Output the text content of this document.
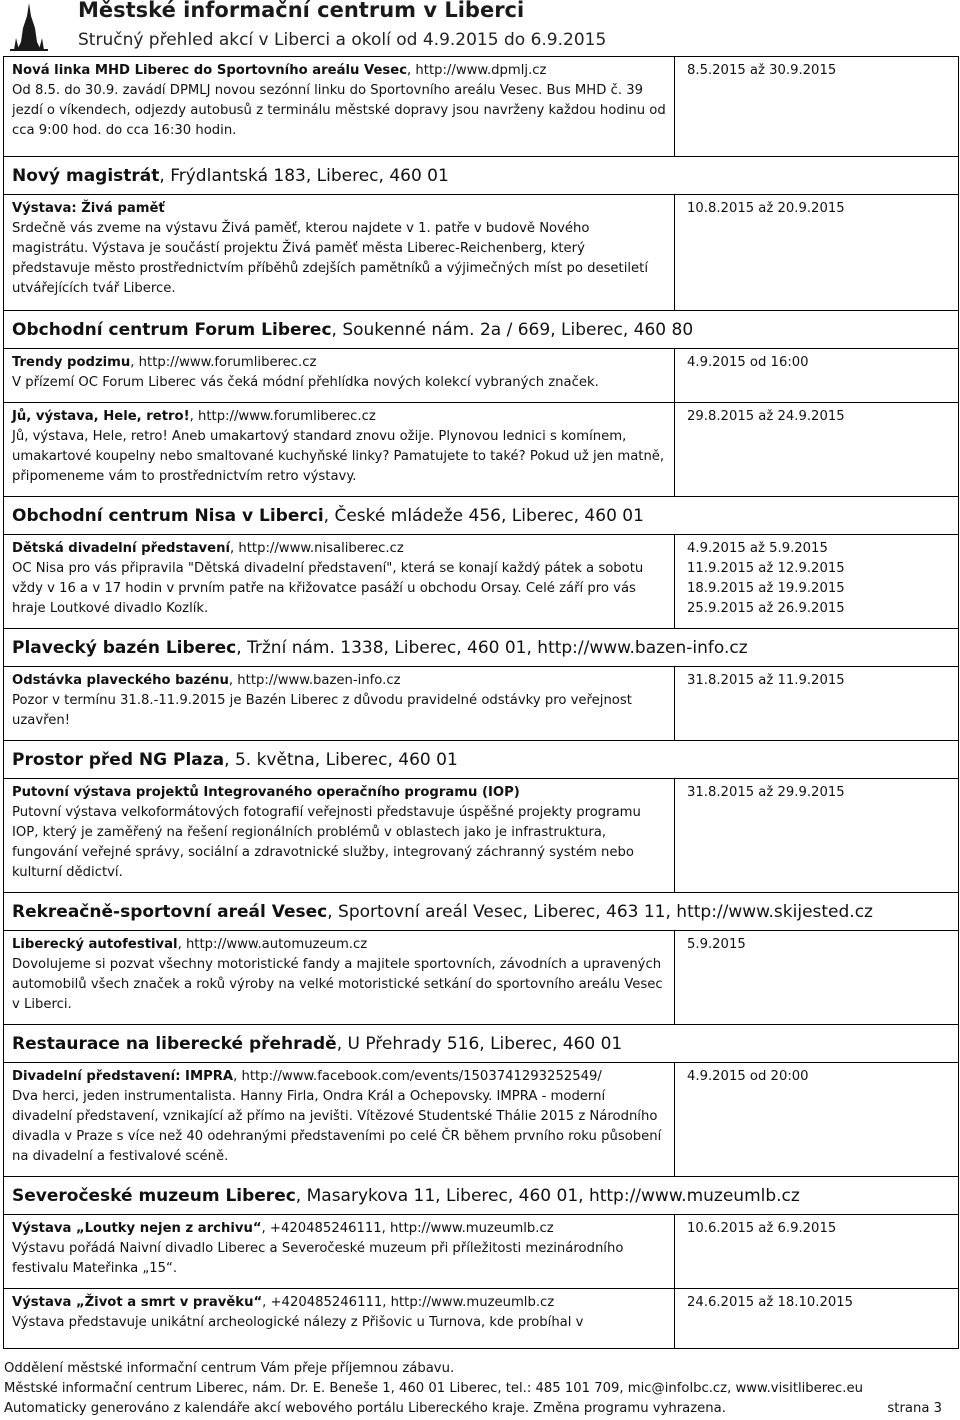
Městské informační centrum v Liberci
Stručný přehled akcí v Liberci a okolí od 4.9.2015 do 6.9.2015
Nová linka MHD Liberec do Sportovního areálu Vesec, http://www.dpmlj.cz
Od 8.5. do 30.9. zavádí DPMLJ novou sezónní linku do Sportovního areálu Vesec. Bus MHD č. 39 jezdí o víkendech, odjezdy autobusů z terminálu městské dopravy jsou navrženy každou hodinu od cca 9:00 hod. do cca 16:30 hodin.
8.5.2015 až 30.9.2015
Nový magistrát, Frýdlantská 183, Liberec, 460 01
Výstava: Živá paměť
Srdečně vás zveme na výstavu Živá paměť, kterou najdete v 1. patře v budově Nového magistrátu. Výstava je součástí projektu Živá paměť města Liberec-Reichenberg, který představuje město prostřednictvím příběhů zdejších pamětníků a výjimečných míst po desetiletí utvářejících tvář Liberce.
10.8.2015 až 20.9.2015
Obchodní centrum Forum Liberec, Soukenné nám. 2a / 669, Liberec, 460 80
Trendy podzimu, http://www.forumliberec.cz
V přízemí OC Forum Liberec vás čeká módní přehlídka nových kolekcí vybraných značek.
4.9.2015 od 16:00
Jů, výstava, Hele, retro!, http://www.forumliberec.cz
Jů, výstava, Hele, retro! Aneb umakartový standard znovu ožije. Plynovou lednici s komínem, umakartové koupelny nebo smaltované kuchyňské linky? Pamatujete to také? Pokud už jen matně, připomeneme vám to prostřednictvím retro výstavy.
29.8.2015 až 24.9.2015
Obchodní centrum Nisa v Liberci, České mládeže 456, Liberec, 460 01
Dětská divadelní představení, http://www.nisaliberec.cz
OC Nisa pro vás připravila "Dětská divadelní představení", která se konají každý pátek a sobotu vždy v 16 a v 17 hodin v prvním patře na křižovatce pasáží u obchodu Orsay. Celé září pro vás hraje Loutkové divadlo Kozlík.
4.9.2015 až 5.9.2015
11.9.2015 až 12.9.2015
18.9.2015 až 19.9.2015
25.9.2015 až 26.9.2015
Plavecký bazén Liberec, Tržní nám. 1338, Liberec, 460 01, http://www.bazen-info.cz
Odstávka plaveckého bazénu, http://www.bazen-info.cz
Pozor v termínu 31.8.-11.9.2015 je Bazén Liberec z důvodu pravidelné odstávky pro veřejnost uzavřen!
31.8.2015 až 11.9.2015
Prostor před NG Plaza, 5. května, Liberec, 460 01
Putovní výstava projektů Integrovaného operačního programu (IOP)
Putovní výstava velkoformátových fotografií veřejnosti představuje úspěšné projekty programu IOP, který je zaměřený na řešení regionálních problémů v oblastech jako je infrastruktura, fungování veřejné správy, sociální a zdravotnické služby, integrovaný záchranný systém nebo kulturní dědictví.
31.8.2015 až 29.9.2015
Rekreačně-sportovní areál Vesec, Sportovní areál Vesec, Liberec, 463 11, http://www.skijested.cz
Liberecký autofestival, http://www.automuzeum.cz
Dovolujeme si pozvat všechny motoristické fandy a majitele sportovních, závodních a upravených automobilů všech značek a roků výroby na velké motoristické setkání do sportovního areálu Vesec v Liberci.
5.9.2015
Restaurace na liberecké přehradě, U Přehrady 516, Liberec, 460 01
Divadelní představení: IMPRA, http://www.facebook.com/events/1503741293252549/
Dva herci, jeden instrumentalista. Hanny Firla, Ondra Král a Ochepovsky. IMPRA - moderní divadelní představení, vznikající až přímo na jevišti. Vítězové Studentské Thálie 2015 z Národního divadla v Praze s více než 40 odehranými představeními po celé ČR během prvního roku působení na divadelní a festivalové scéně.
4.9.2015 od 20:00
Severočeské muzeum Liberec, Masarykova 11, Liberec, 460 01, http://www.muzeumlb.cz
Výstava „Loutky nejen z archivu“, +420485246111, http://www.muzeumlb.cz
Výstavu pořádá Naivní divadlo Liberec a Severočeské muzeum při příležitosti mezinárodního festivalu Mateřinka „15“.
10.6.2015 až 6.9.2015
Výstava „Život a smrt v pravěku“, +420485246111, http://www.muzeumlb.cz
Výstava představuje unikátní archeologické nálezy z Přišovic u Turnova, kde probíhal v
24.6.2015 až 18.10.2015
Oddělení městské informační centrum Vám přeje příjemnou zábavu.
Městské informační centrum Liberec, nám. Dr. E. Beneše 1, 460 01 Liberec, tel.: 485 101 709, mic@infolbc.cz, www.visitliberec.eu
Automaticky generováno z kalendáře akcí webového portálu Libereckého kraje. Změna programu vyhrazena.	strana 3
